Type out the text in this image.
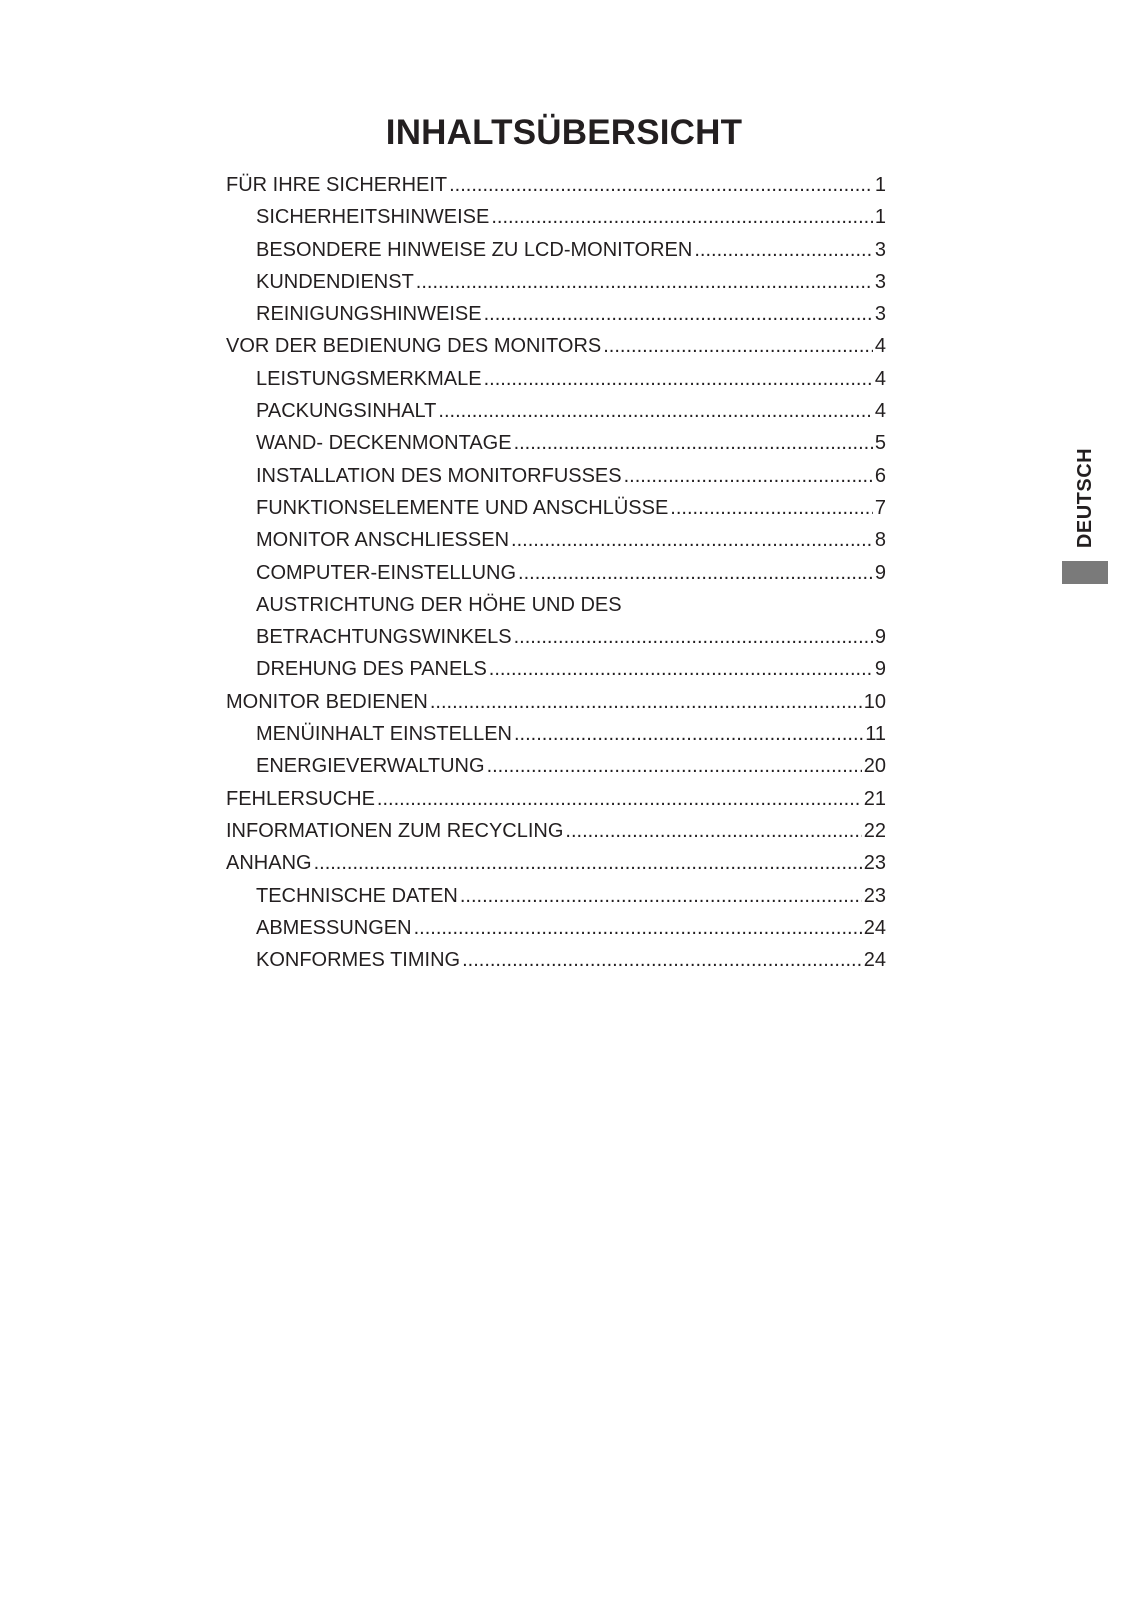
INHALTSÜBERSICHT
FÜR IHRE SICHERHEIT .....	1
SICHERHEITSHINWEISE .....	1
BESONDERE HINWEISE ZU LCD-MONITOREN .....	3
KUNDENDIENST .....	3
REINIGUNGSHINWEISE .....	3
VOR DER BEDIENUNG DES MONITORS .....	4
LEISTUNGSMERKMALE .....	4
PACKUNGSINHALT .....	4
WAND- DECKENMONTAGE .....	5
INSTALLATION DES MONITORFUSSES .....	6
FUNKTIONSELEMENTE UND ANSCHLÜSSE .....	7
MONITOR ANSCHLIESSEN .....	8
COMPUTER-EINSTELLUNG .....	9
AUSTRICHTUNG DER HÖHE UND DES
BETRACHTUNGSWINKELS .....	9
DREHUNG DES PANELS .....	9
MONITOR BEDIENEN .....	10
MENÜINHALT EINSTELLEN .....	11
ENERGIEVERWALTUNG .....	20
FEHLERSUCHE .....	21
INFORMATIONEN ZUM RECYCLING .....	22
ANHANG .....	23
TECHNISCHE DATEN .....	23
ABMESSUNGEN .....	24
KONFORMES TIMING .....	24
DEUTSCH
